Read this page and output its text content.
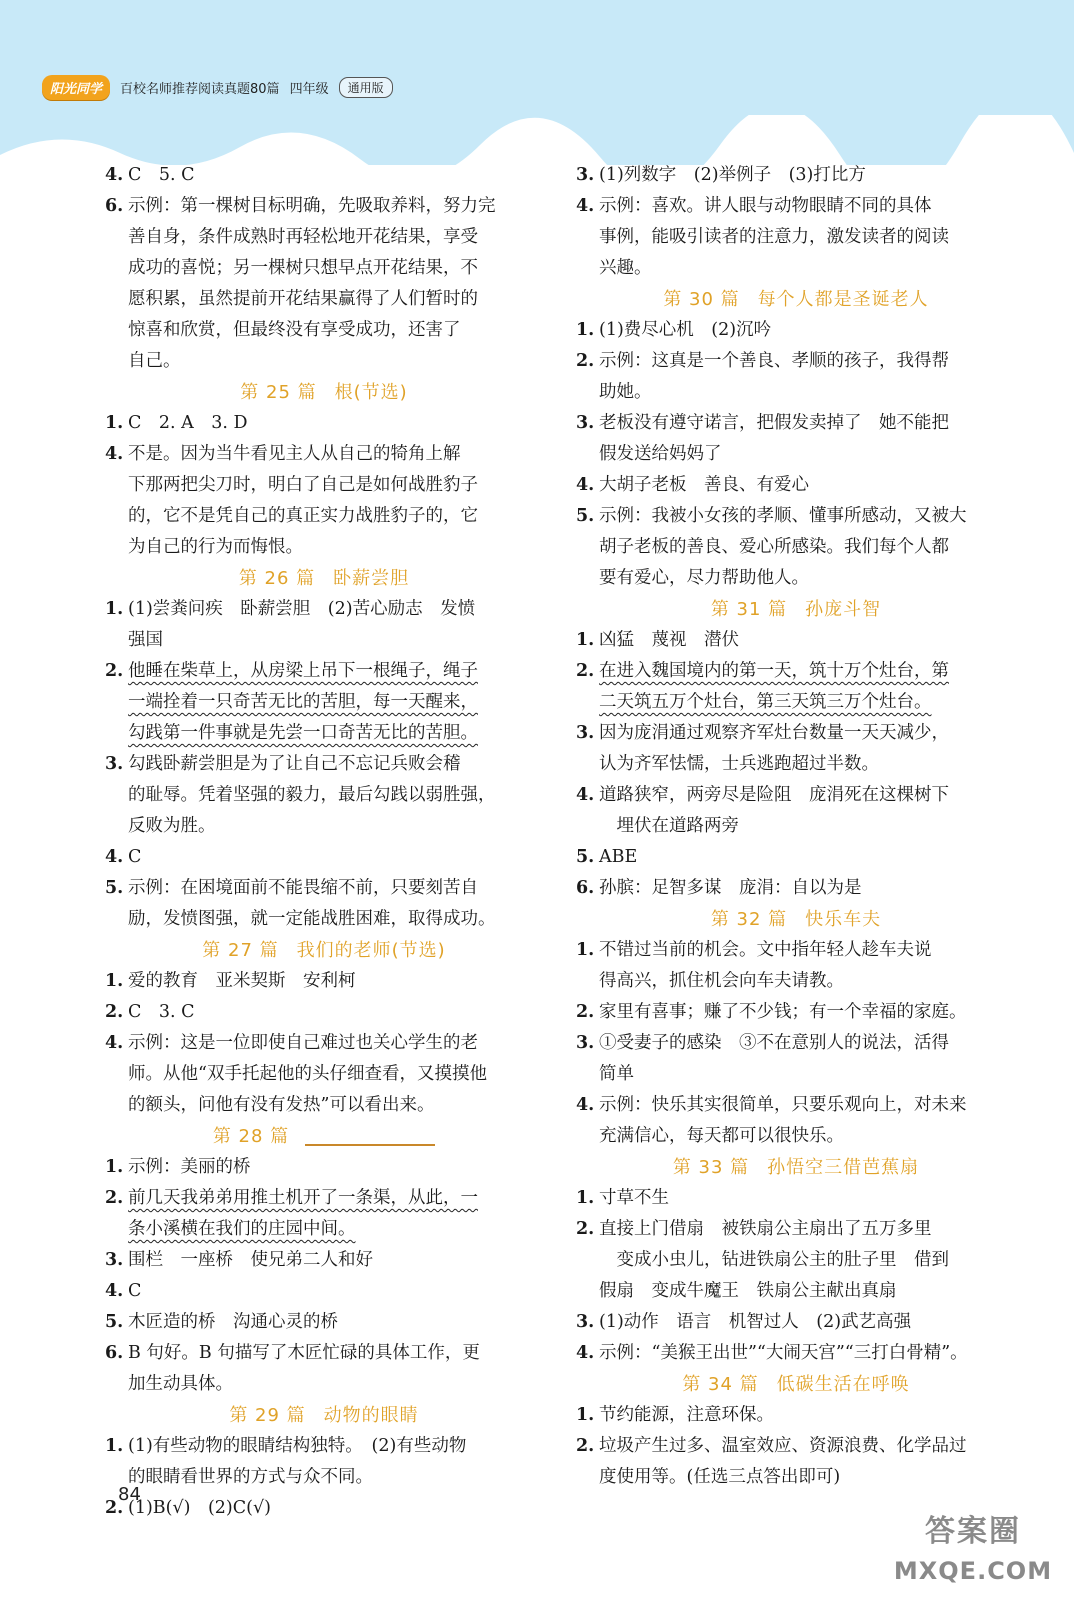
阳光同学	百校名师推荐阅读真题80篇 四年级	通用版
4. C　5. C
6. 示例：第一棵树目标明确，先吸取养料，努力完
善自身，条件成熟时再轻松地开花结果，享受
成功的喜悦；另一棵树只想早点开花结果，不
愿积累，虽然提前开花结果赢得了人们暂时的
惊喜和欣赏，但最终没有享受成功，还害了
自己。
第 25 篇 根(节选)
1. C　2. A　3. D
4. 不是。因为当牛看见主人从自己的犄角上解
下那两把尖刀时，明白了自己是如何战胜豹子
的，它不是凭自己的真正实力战胜豹子的，它
为自己的行为而悔恨。
第 26 篇 卧薪尝胆
1. (1)尝粪问疾　卧薪尝胆　(2)苦心励志　发愤
强国
2. 他睡在柴草上，从房梁上吊下一根绳子，绳子
一端拴着一只奇苦无比的苦胆，每一天醒来，
勾践第一件事就是先尝一口奇苦无比的苦胆。
3. 勾践卧薪尝胆是为了让自己不忘记兵败会稽
的耻辱。凭着坚强的毅力，最后勾践以弱胜强，
反败为胜。
4. C
5. 示例：在困境面前不能畏缩不前，只要刻苦自
励，发愤图强，就一定能战胜困难，取得成功。
第 27 篇 我们的老师(节选)
1. 爱的教育　亚米契斯　安利柯
2. C　3. C
4. 示例：这是一位即使自己难过也关心学生的老
师。从他“双手托起他的头仔细查看，又摸摸他
的额头，问他有没有发热”可以看出来。
第 28 篇
1. 示例：美丽的桥
2. 前几天我弟弟用推土机开了一条渠，从此，一
条小溪横在我们的庄园中间。
3. 围栏　一座桥　使兄弟二人和好
4. C
5. 木匠造的桥　沟通心灵的桥
6. B 句好。B 句描写了木匠忙碌的具体工作，更
加生动具体。
第 29 篇 动物的眼睛
1. (1)有些动物的眼睛结构独特。　(2)有些动物
的眼睛看世界的方式与众不同。
2. (1)B(√)　(2)C(√)
3. (1)列数字　(2)举例子　(3)打比方
4. 示例：喜欢。讲人眼与动物眼睛不同的具体
事例，能吸引读者的注意力，激发读者的阅读
兴趣。
第 30 篇 每个人都是圣诞老人
1. (1)费尽心机　(2)沉吟
2. 示例：这真是一个善良、孝顺的孩子，我得帮
助她。
3. 老板没有遵守诺言，把假发卖掉了　她不能把
假发送给妈妈了
4. 大胡子老板　善良、有爱心
5. 示例：我被小女孩的孝顺、懂事所感动，又被大
胡子老板的善良、爱心所感染。我们每个人都
要有爱心，尽力帮助他人。
第 31 篇 孙庞斗智
1. 凶猛　蔑视　潜伏
2. 在进入魏国境内的第一天，筑十万个灶台，第
二天筑五万个灶台，第三天筑三万个灶台。
3. 因为庞涓通过观察齐军灶台数量一天天减少，
认为齐军怯懦，士兵逃跑超过半数。
4. 道路狭窄，两旁尽是险阻　庞涓死在这棵树下
　埋伏在道路两旁
5. ABE
6. 孙膑：足智多谋　庞涓：自以为是
第 32 篇 快乐车夫
1. 不错过当前的机会。文中指年轻人趁车夫说
得高兴，抓住机会向车夫请教。
2. 家里有喜事；赚了不少钱；有一个幸福的家庭。
3. ①受妻子的感染　③不在意别人的说法，活得
简单
4. 示例：快乐其实很简单，只要乐观向上，对未来
充满信心，每天都可以很快乐。
第 33 篇 孙悟空三借芭蕉扇
1. 寸草不生
2. 直接上门借扇　被铁扇公主扇出了五万多里
　变成小虫儿，钻进铁扇公主的肚子里　借到
假扇　变成牛魔王　铁扇公主献出真扇
3. (1)动作　语言　机智过人　(2)武艺高强
4. 示例：“美猴王出世”“大闹天宫”“三打白骨精”。
第 34 篇 低碳生活在呼唤
1. 节约能源，注意环保。
2. 垃圾产生过多、温室效应、资源浪费、化学品过
度使用等。(任选三点答出即可)
84
答案圈
MXQE.COM
